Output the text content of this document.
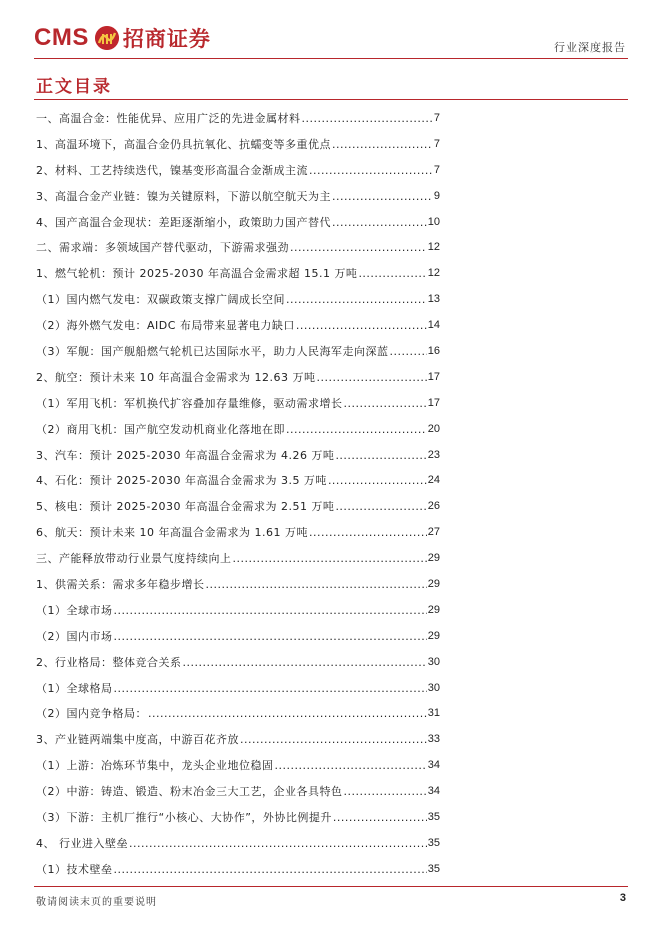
CMS 招商证券	行业深度报告
正文目录
一、高温合金：性能优异、应用广泛的先进金属材料 .....	7
1、高温环境下，高温合金仍具抗氧化、抗蠕变等多重优点 .....	7
2、材料、工艺持续迭代，镍基变形高温合金渐成主流 .....	7
3、高温合金产业链：镍为关键原料，下游以航空航天为主 .....	9
4、国产高温合金现状：差距逐渐缩小，政策助力国产替代 .....	10
二、需求端：多领域国产替代驱动，下游需求强劲 .....	12
1、燃气轮机：预计 2025-2030 年高温合金需求超 15.1 万吨 .....	12
（1）国内燃气发电：双碳政策支撑广阔成长空间 .....	13
（2）海外燃气发电：AIDC 布局带来显著电力缺口 .....	14
（3）军舰：国产舰船燃气轮机已达国际水平，助力人民海军走向深蓝 .....	16
2、航空：预计未来 10 年高温合金需求为 12.63 万吨 .....	17
（1）军用飞机：军机换代扩容叠加存量维修，驱动需求增长 .....	17
（2）商用飞机：国产航空发动机商业化落地在即 .....	20
3、汽车：预计 2025-2030 年高温合金需求为 4.26 万吨 .....	23
4、石化：预计 2025-2030 年高温合金需求为 3.5 万吨 .....	24
5、核电：预计 2025-2030 年高温合金需求为 2.51 万吨 .....	26
6、航天：预计未来 10 年高温合金需求为 1.61 万吨 .....	27
三、产能释放带动行业景气度持续向上 .....	29
1、供需关系：需求多年稳步增长 .....	29
（1）全球市场 .....	29
（2）国内市场 .....	29
2、行业格局：整体竞合关系 .....	30
（1）全球格局 .....	30
（2）国内竞争格局： .....	31
3、产业链两端集中度高，中游百花齐放 .....	33
（1）上游：冶炼环节集中，龙头企业地位稳固 .....	34
（2）中游：铸造、锻造、粉末冶金三大工艺，企业各具特色 .....	34
（3）下游：主机厂推行“小核心、大协作”，外协比例提升 .....	35
4、 行业进入壁垒 .....	35
（1）技术壁垒 .....	35
敬请阅读末页的重要说明	3
